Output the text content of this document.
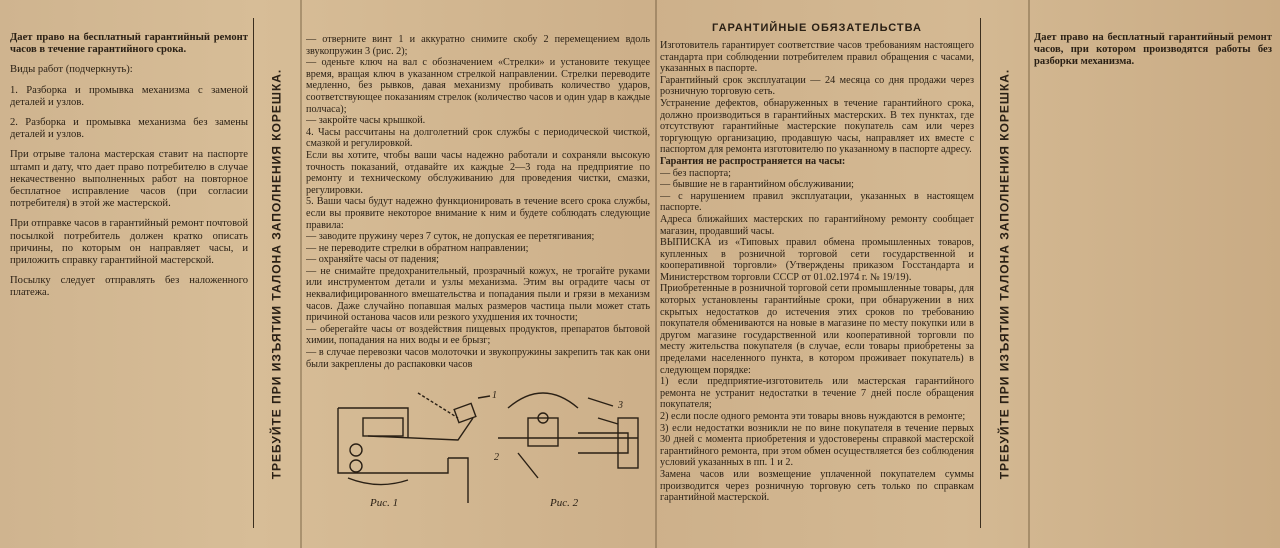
Дает право на бесплатный гарантийный ремонт часов в течение гарантийного срока.

Виды работ (подчеркнуть):

1. Разборка и промывка механизма с заменой деталей и узлов.

2. Разборка и промывка механизма без замены деталей и узлов.

При отрыве талона мастерская ставит на паспорте штамп и дату, что дает право потребителю в случае некачественно выполненных работ на повторное бесплатное исправление часов (при согласии потребителя) в этой же мастерской.

При отправке часов в гарантийный ремонт почтовой посылкой потребитель должен кратко описать причины, по которым он направляет часы, и приложить справку гарантийной мастерской.

Посылку следует отправлять без наложенного платежа.	ТРЕБУЙТЕ ПРИ ИЗЪЯТИИ ТАЛОНА ЗАПОЛНЕНИЯ КОРЕШКА.

— отверните винт 1 и аккуратно снимите скобу 2 перемещением вдоль звукопружин 3 (рис. 2);

— оденьте ключ на вал с обозначением «Стрелки» и установите текущее время, вращая ключ в указанном стрелкой направлении. Стрелки переводите медленно, без рывков, давая механизму пробивать количество ударов, соответствующее показаниям стрелок (количество часов и один удар в каждые полчаса);

— закройте часы крышкой.

4. Часы рассчитаны на долголетний срок службы с периодической чисткой, смазкой и регулировкой.

Если вы хотите, чтобы ваши часы надежно работали и сохраняли высокую точность показаний, отдавайте их каждые 2—3 года на предприятие по ремонту и техническому обслуживанию для проведения чистки, смазки, регулировки.

5. Ваши часы будут надежно функционировать в течение всего срока службы, если вы проявите некоторое внимание к ним и будете соблюдать следующие правила:

— заводите пружину через 7 суток, не допуская ее перетягивания;

— не переводите стрелки в обратном направлении;

— охраняйте часы от падения;

— не снимайте предохранительный, прозрачный кожух, не трогайте руками или инструментом детали и узлы механизма. Этим вы оградите часы от неквалифицированного вмешательства и попадания пыли и грязи в механизм часов. Даже случайно попавшая малых размеров частица пыли может стать причиной останова часов или резкого ухудшения их точности;

— оберегайте часы от воздействия пищевых продуктов, препаратов бытовой химии, попадания на них воды и ее брызг;

— в случае перевозки часов молоточки и звукопружины закрепить так как они были закреплены до распаковки часов

Рис. 1	Рис. 2
1
2
3
ГАРАНТИЙНЫЕ ОБЯЗАТЕЛЬСТВА

Изготовитель гарантирует соответствие часов требованиям настоящего стандарта при соблюдении потребителем правил обращения с часами, указанных в паспорте.

Гарантийный срок эксплуатации — 24 месяца со дня продажи через розничную торговую сеть.

Устранение дефектов, обнаруженных в течение гарантийного срока, должно производиться в гарантийных мастерских. В тех пунктах, где отсутствуют гарантийные мастерские покупатель сам или через торгующую организацию, продавшую часы, направляет их вместе с паспортом для ремонта изготовителю по указанному в паспорте адресу.

Гарантия не распространяется на часы:

— без паспорта;

— бывшие не в гарантийном обслуживании;

— с нарушением правил эксплуатации, указанных в настоящем паспорте.

Адреса ближайших мастерских по гарантийному ремонту сообщает магазин, продавший часы.

ВЫПИСКА из «Типовых правил обмена промышленных товаров, купленных в розничной торговой сети государственной и кооперативной торговли» (Утверждены приказом Госстандарта и Министерством торговли СССР от 01.02.1974 г. № 19/19).

Приобретенные в розничной торговой сети промышленные товары, для которых установлены гарантийные сроки, при обнаружении в них скрытых недостатков до истечения этих сроков по требованию покупателя обмениваются на новые в магазине по месту покупки или в другом магазине государственной или кооперативной торговли по месту жительства покупателя (в случае, если товары приобретены за пределами населенного пункта, в котором проживает покупатель) в следующем порядке:

1) если предприятие-изготовитель или мастерская гарантийного ремонта не устранит недостатки в течение 7 дней после обращения покупателя;

2) если после одного ремонта эти товары вновь нуждаются в ремонте;

3) если недостатки возникли не по вине покупателя в течение первых 30 дней с момента приобретения и удостоверены справкой мастерской гарантийного ремонта, при этом обмен осуществляется без соблюдения условий указанных в пп. 1 и 2.

Замена часов или возмещение уплаченной покупателем суммы производится через розничную торговую сеть только по справкам гарантийной мастерской.

ТРЕБУЙТЕ ПРИ ИЗЪЯТИИ ТАЛОНА ЗАПОЛНЕНИЯ КОРЕШКА.

Дает право на бесплатный гарантийный ремонт часов, при котором производятся работы без разборки механизма.
